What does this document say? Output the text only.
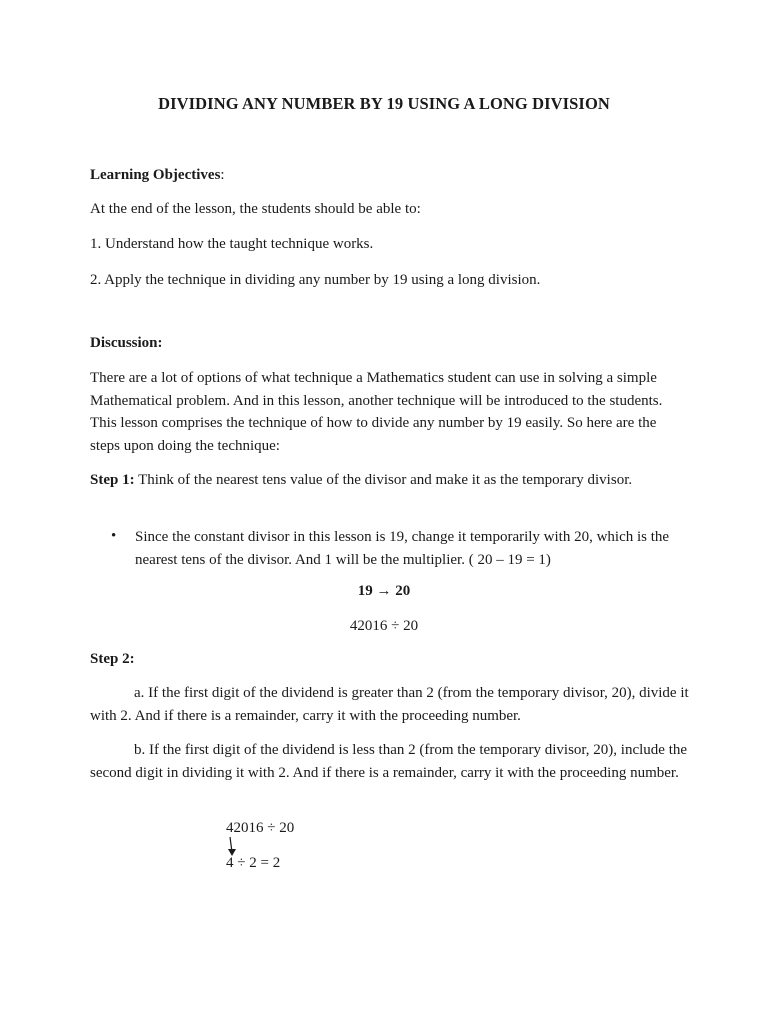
DIVIDING ANY NUMBER BY 19 USING A LONG DIVISION
Learning Objectives:
At the end of the lesson, the students should be able to:
1. Understand how the taught technique works.
2. Apply the technique in dividing any number by 19 using a long division.
Discussion:
There are a lot of options of what technique a Mathematics student can use in solving a simple Mathematical problem. And in this lesson, another technique will be introduced to the students. This lesson comprises the technique of how to divide any number by 19 easily. So here are the steps upon doing the technique:
Step 1: Think of the nearest tens value of the divisor and make it as the temporary divisor.
• Since the constant divisor in this lesson is 19, change it temporarily with 20, which is the nearest tens of the divisor. And 1 will be the multiplier. ( 20 – 19 = 1)
19 → 20
42016 ÷ 20
Step 2:
a. If the first digit of the dividend is greater than 2 (from the temporary divisor, 20), divide it with 2. And if there is a remainder, carry it with the proceeding number.
b. If the first digit of the dividend is less than 2 (from the temporary divisor, 20), include the second digit in dividing it with 2. And if there is a remainder, carry it with the proceeding number.
42016 ÷ 20
4 ÷ 2 = 2
